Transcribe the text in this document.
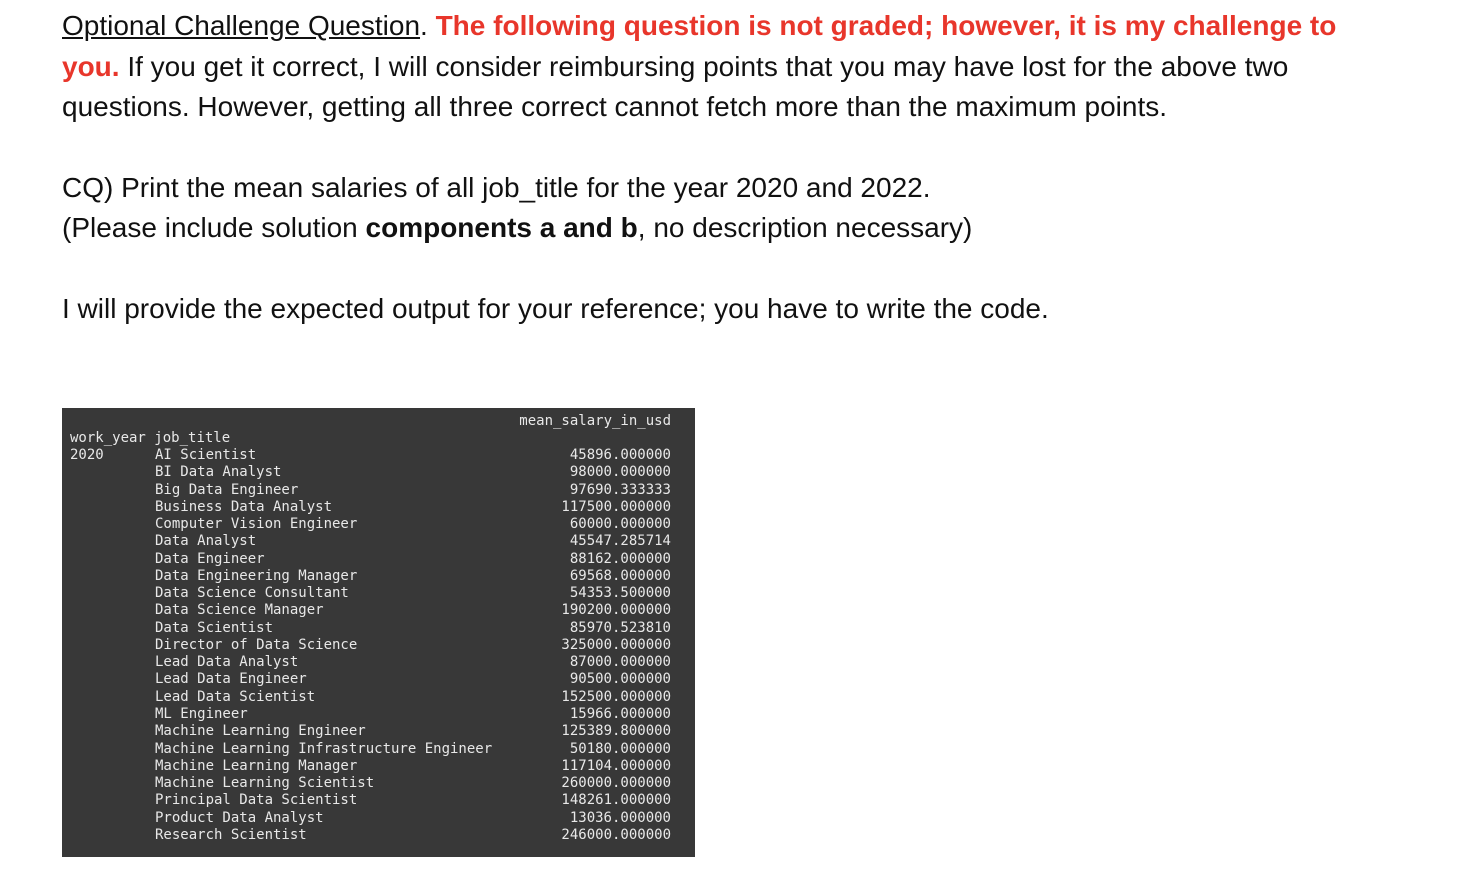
Optional Challenge Question. The following question is not graded; however, it is my challenge to you. If you get it correct, I will consider reimbursing points that you may have lost for the above two questions. However, getting all three correct cannot fetch more than the maximum points.

CQ) Print the mean salaries of all job_title for the year 2020 and 2022.
(Please include solution components a and b, no description necessary)

I will provide the expected output for your reference; you have to write the code.

mean_salary_in_usd
work_year job_title
2020	AI Scientist	45896.000000
BI Data Analyst	98000.000000
Big Data Engineer	97690.333333
Business Data Analyst	117500.000000
Computer Vision Engineer	60000.000000
Data Analyst	45547.285714
Data Engineer	88162.000000
Data Engineering Manager	69568.000000
Data Science Consultant	54353.500000
Data Science Manager	190200.000000
Data Scientist	85970.523810
Director of Data Science	325000.000000
Lead Data Analyst	87000.000000
Lead Data Engineer	90500.000000
Lead Data Scientist	152500.000000
ML Engineer	15966.000000
Machine Learning Engineer	125389.800000
Machine Learning Infrastructure Engineer	50180.000000
Machine Learning Manager	117104.000000
Machine Learning Scientist	260000.000000
Principal Data Scientist	148261.000000
Product Data Analyst	13036.000000
Research Scientist	246000.000000
